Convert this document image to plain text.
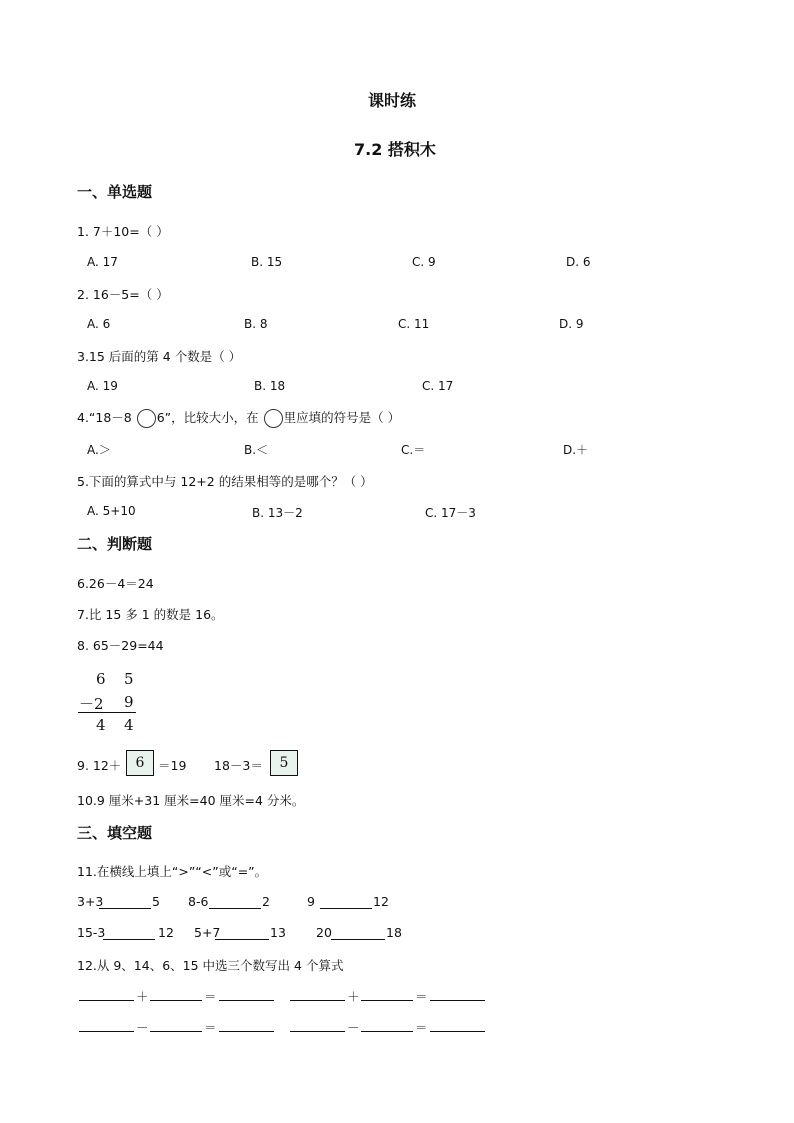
课时练
7.2 搭积木
一、单选题
1. 7＋10=（ ）
A. 17	B. 15	C. 9	D. 6
2. 16－5=（ ）
A. 6	B. 8	C. 11	D. 9
3.15 后面的第 4 个数是（ ）
A. 19	B. 18	C. 17
4.“18－8 6”，比较大小，在 里应填的符号是（ ）
A.＞	B.＜	C.＝	D.＋
5.下面的算式中与 12+2 的结果相等的是哪个？（ ）
A. 5+10	B. 13－2	C. 17－3
二、判断题
6.26－4＝24
7.比 15 多 1 的数是 16。
8. 65－29=44
6 5
－2 9
4 4
9. 12＋	6	＝19 18－3＝	5
10.9 厘米+31 厘米=40 厘米=4 分米。
三、填空题
11.在横线上填上“>”“<”或“=”。
3+3	5 8-6	2	9	12
15-3	12 5+7	13 20	18
12.从 9、14、6、15 中选三个数写出 4 个算式
＋	＝	＋	＝
－	＝	－	＝
